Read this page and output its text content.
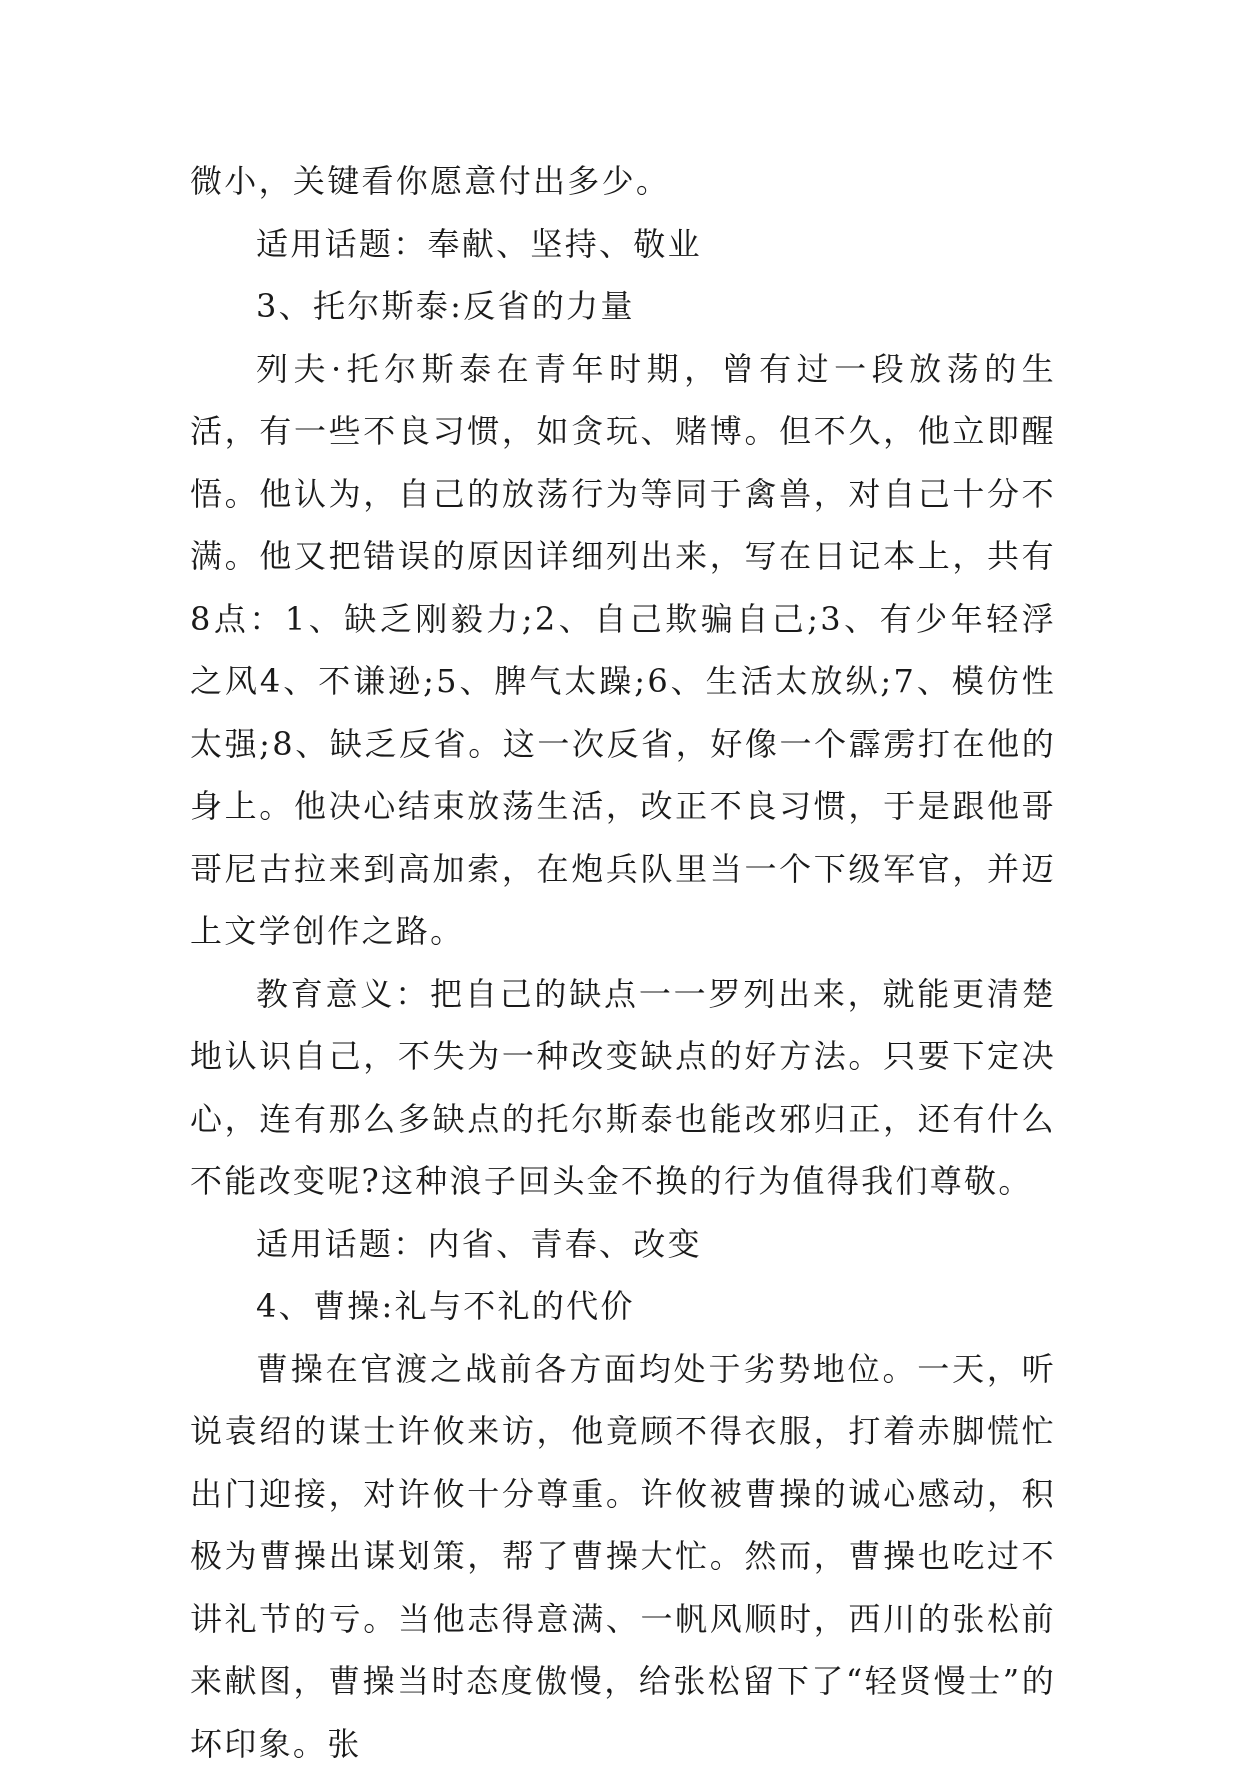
微小，关键看你愿意付出多少。

适用话题：奉献、坚持、敬业

3、托尔斯泰:反省的力量

列夫·托尔斯泰在青年时期，曾有过一段放荡的生活，有一些不良习惯，如贪玩、赌博。但不久，他立即醒悟。他认为，自己的放荡行为等同于禽兽，对自己十分不满。他又把错误的原因详细列出来，写在日记本上，共有8点：1、缺乏刚毅力;2、自己欺骗自己;3、有少年轻浮之风4、不谦逊;5、脾气太躁;6、生活太放纵;7、模仿性太强;8、缺乏反省。这一次反省，好像一个霹雳打在他的身上。他决心结束放荡生活，改正不良习惯，于是跟他哥哥尼古拉来到高加索，在炮兵队里当一个下级军官，并迈上文学创作之路。

教育意义：把自己的缺点一一罗列出来，就能更清楚地认识自己，不失为一种改变缺点的好方法。只要下定决心，连有那么多缺点的托尔斯泰也能改邪归正，还有什么不能改变呢?这种浪子回头金不换的行为值得我们尊敬。

适用话题：内省、青春、改变

4、曹操:礼与不礼的代价

曹操在官渡之战前各方面均处于劣势地位。一天，听说袁绍的谋士许攸来访，他竟顾不得衣服，打着赤脚慌忙出门迎接，对许攸十分尊重。许攸被曹操的诚心感动，积极为曹操出谋划策，帮了曹操大忙。然而，曹操也吃过不讲礼节的亏。当他志得意满、一帆风顺时，西川的张松前来献图，曹操当时态度傲慢，给张松留下了“轻贤慢士”的坏印象。张
